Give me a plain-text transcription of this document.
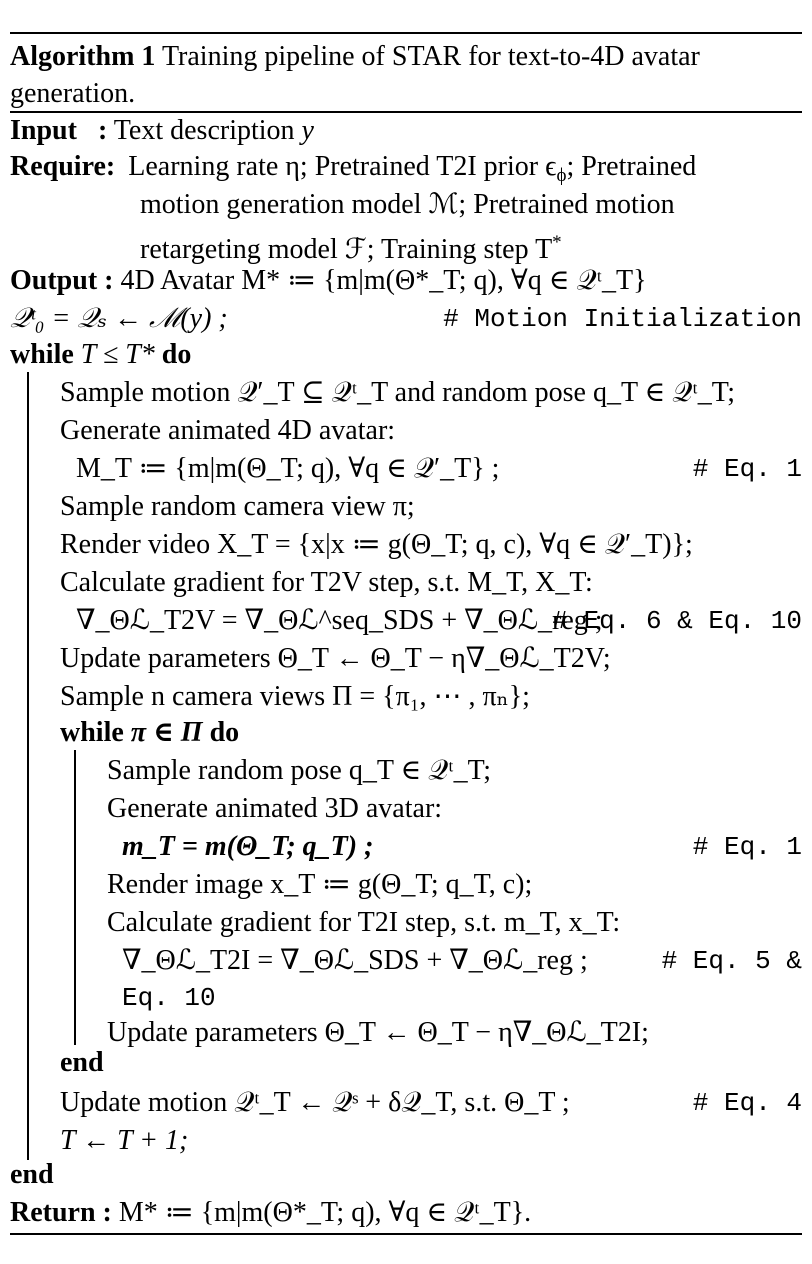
Algorithm 1 Training pipeline of STAR for text-to-4D avatar generation.
Input : Text description y
Require: Learning rate η; Pretrained T2I prior $\epsilon_\phi$; Pretrained
motion generation model ℳ; Pretrained motion
retargeting model ℱ; Training step T*
Output : 4D Avatar M* ≔ {m|m(Θ*_T; q), ∀q ∈ 𝒬ᵗ_T}
𝒬ᵗ₀ = 𝒬ₛ ← ℳ(y) ;	# Motion Initialization
while T ≤ T* do
Sample motion 𝒬′_T ⊆ 𝒬ᵗ_T and random pose q_T ∈ 𝒬ᵗ_T;
Generate animated 4D avatar:
M_T ≔ {m|m(Θ_T; q), ∀q ∈ 𝒬′_T} ;	# Eq. 1
Sample random camera view π;
Render video X_T = {x|x ≔ g(Θ_T; q, c), ∀q ∈ 𝒬′_T)};
Calculate gradient for T2V step, s.t. M_T, X_T:
∇_Θℒ_T2V = ∇_Θℒ^seq_SDS + ∇_Θℒ_reg ;
# Eq. 6 & Eq. 10
Update parameters Θ_T ← Θ_T − η∇_Θℒ_T2V;
Sample n camera views Π = {π₁, ⋯ , πₙ};
while π ∈ Π do
Sample random pose q_T ∈ 𝒬ᵗ_T;
Generate animated 3D avatar:
m_T = m(Θ_T; q_T) ;	# Eq. 1
Render image x_T ≔ g(Θ_T; q_T, c);
Calculate gradient for T2I step, s.t. m_T, x_T:
∇_Θℒ_T2I = ∇_Θℒ_SDS + ∇_Θℒ_reg ;	# Eq. 5 &
Eq. 10
Update parameters Θ_T ← Θ_T − η∇_Θℒ_T2I;
end
Update motion 𝒬ᵗ_T ← 𝒬ˢ + δ𝒬_T, s.t. Θ_T ;	# Eq. 4
T ← T + 1;
end
Return : M* ≔ {m|m(Θ*_T; q), ∀q ∈ 𝒬ᵗ_T}.
